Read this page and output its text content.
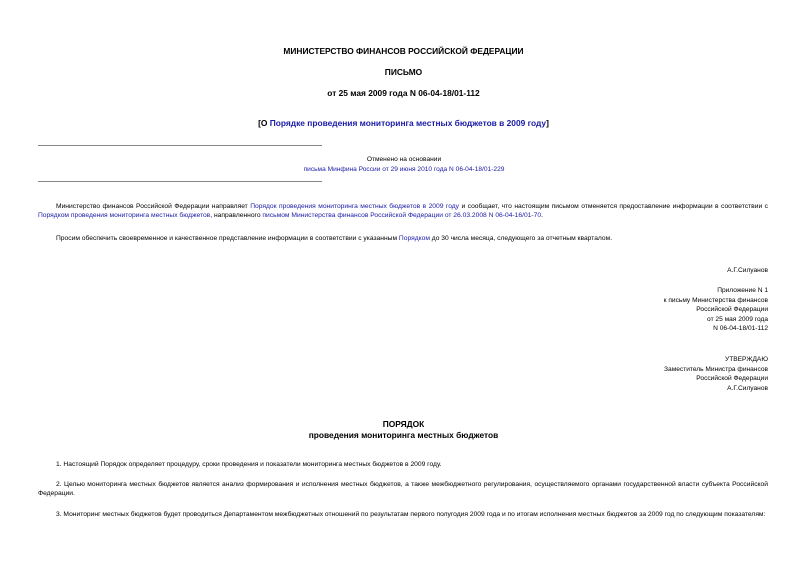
МИНИСТЕРСТВО ФИНАНСОВ РОССИЙСКОЙ ФЕДЕРАЦИИ
ПИСЬМО
от 25 мая 2009 года N 06-04-18/01-112
[О Порядке проведения мониторинга местных бюджетов в 2009 году]
Отменено на основании
письма Минфина России от 29 июня 2010 года N 06-04-18/01-229

Министерство финансов Российской Федерации направляет Порядок проведения мониторинга местных бюджетов в 2009 году и сообщает, что настоящим письмом отменяется предоставление информации в соответствии с Порядком проведения мониторинга местных бюджетов, направленного письмом Министерства финансов Российской Федерации от 26.03.2008 N 06-04-16/01-70.

Просим обеспечить своевременное и качественное представление информации в соответствии с указанным Порядком до 30 числа месяца, следующего за отчетным кварталом.

А.Г.Силуанов
Приложение N 1
к письму Министерства финансов
Российской Федерации
от 25 мая 2009 года
N 06-04-18/01-112
УТВЕРЖДАЮ
Заместитель Министра финансов
Российской Федерации
А.Г.Силуанов
ПОРЯДОК
проведения мониторинга местных бюджетов

1. Настоящий Порядок определяет процедуру, сроки проведения и показатели мониторинга местных бюджетов в 2009 году.

2. Целью мониторинга местных бюджетов является анализ формирования и исполнения местных бюджетов, а также межбюджетного регулирования, осуществляемого органами государственной власти субъекта Российской Федерации.

3. Мониторинг местных бюджетов будет проводиться Департаментом межбюджетных отношений по результатам первого полугодия 2009 года и по итогам исполнения местных бюджетов за 2009 год по следующим показателям:
